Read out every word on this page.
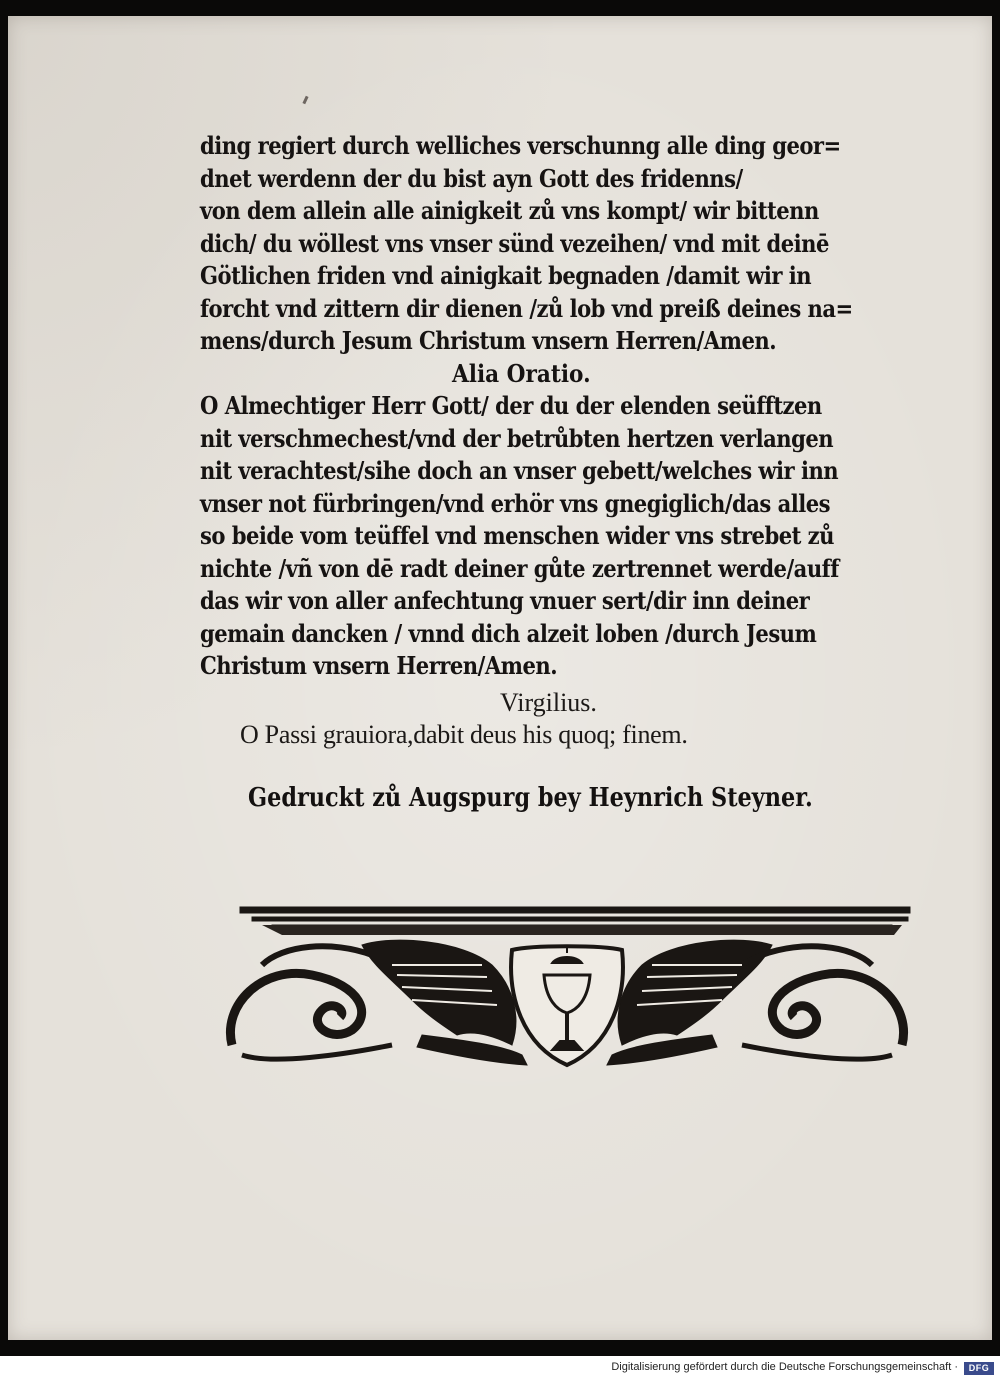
ding regiert durch welliches verschunng alle ding geor=
dnet werdenn der du bist ayn Gott des fridenns/
von dem allein alle ainigkeit zů vns kompt/ wir bittenn
dich/ du wöllest vns vnser sünd vezeihen/ vnd mit deinē
Götlichen friden vnd ainigkait begnaden /damit wir in
forcht vnd zittern dir dienen /zů lob vnd preiß deines na=
mens/durch Jesum Christum vnsern Herren/Amen.
Alia Oratio.
O Almechtiger Herr Gott/ der du der elenden seüfftzen
nit verschmechest/vnd der betrůbten hertzen verlangen
nit verachtest/sihe doch an vnser gebett/welches wir inn
vnser not fürbringen/vnd erhör vns gnegiglich/das alles
so beide vom teüffel vnd menschen wider vns strebet zů
nichte /vñ von dē radt deiner gůte zertrennet werde/auff
das wir von aller anfechtung vnuer sert/dir inn deiner
gemain dancken / vnnd dich alzeit loben /durch Jesum
Christum vnsern Herren/Amen.
Virgilius.
O Passi grauiora,dabit deus his quoq; finem.
Gedruckt zů Augspurg bey Heynrich Steyner.
Digitalisierung gefördert durch die Deutsche Forschungsgemeinschaft ·	DFG
